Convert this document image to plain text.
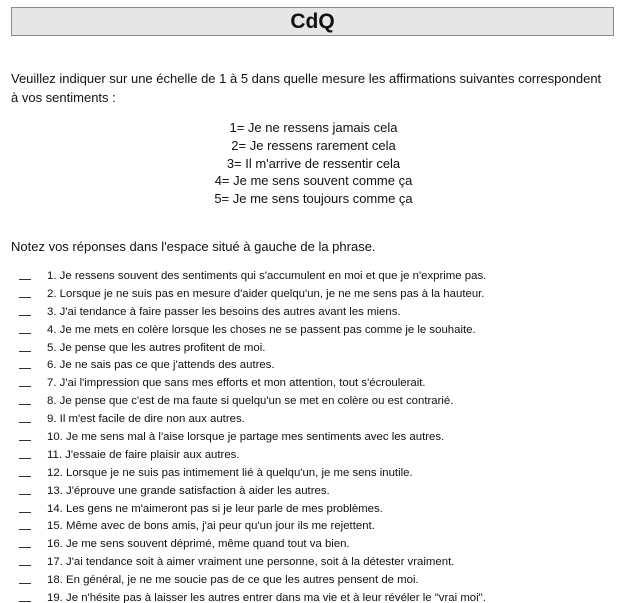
CdQ
Veuillez indiquer sur une échelle de 1 à 5 dans quelle mesure les affirmations suivantes correspondent à vos sentiments :
1= Je ne ressens jamais cela
2= Je ressens rarement cela
3= Il m'arrive de ressentir cela
4= Je me sens souvent comme ça
5= Je me sens toujours comme ça
Notez vos réponses dans l'espace situé à gauche de la phrase.
1. Je ressens souvent des sentiments qui s'accumulent en moi et que je n'exprime pas.
2. Lorsque je ne suis pas en mesure d'aider quelqu'un, je ne me sens pas à la hauteur.
3. J'ai tendance à faire passer les besoins des autres avant les miens.
4. Je me mets en colère lorsque les choses ne se passent pas comme je le souhaite.
5. Je pense que les autres profitent de moi.
6. Je ne sais pas ce que j'attends des autres.
7. J'ai l'impression que sans mes efforts et mon attention, tout s'écroulerait.
8. Je pense que c'est de ma faute si quelqu'un se met en colère ou est contrarié.
9. Il m'est facile de dire non aux autres.
10. Je me sens mal à l'aise lorsque je partage mes sentiments avec les autres.
11. J'essaie de faire plaisir aux autres.
12. Lorsque je ne suis pas intimement lié à quelqu'un, je me sens inutile.
13. J'éprouve une grande satisfaction à aider les autres.
14. Les gens ne m'aimeront pas si je leur parle de mes problèmes.
15. Même avec de bons amis, j'ai peur qu'un jour ils me rejettent.
16. Je me sens souvent déprimé, même quand tout va bien.
17. J'ai tendance soit à aimer vraiment une personne, soit à la détester vraiment.
18. En général, je ne me soucie pas de ce que les autres pensent de moi.
19. Je n'hésite pas à laisser les autres entrer dans ma vie et à leur révéler le "vrai moi".
